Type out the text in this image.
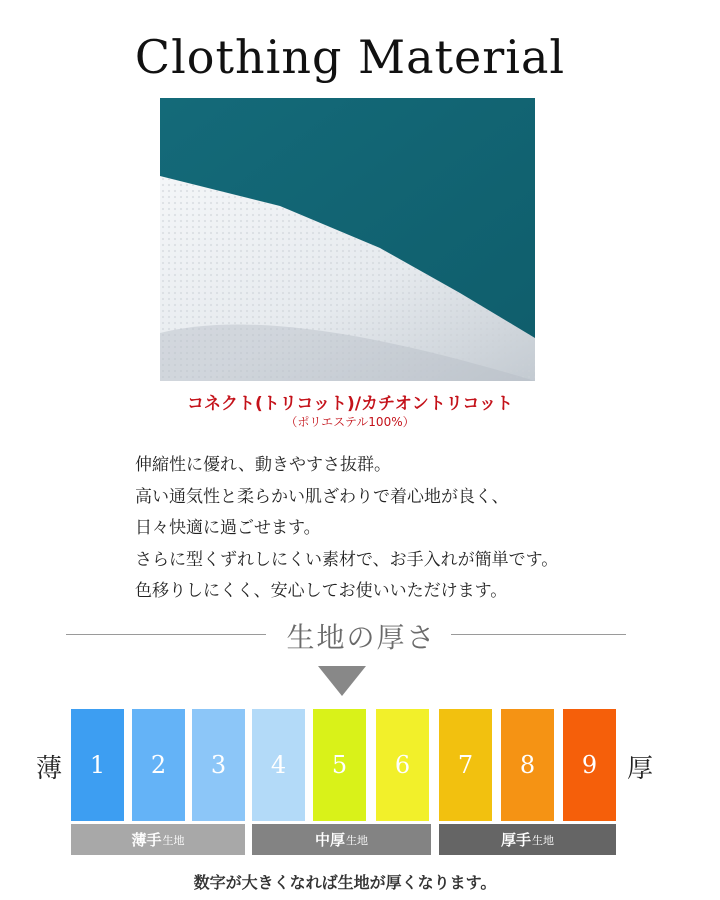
Clothing Material
コネクト(トリコット)/カチオントリコット
（ポリエステル100%）
伸縮性に優れ、動きやすさ抜群。
高い通気性と柔らかい肌ざわりで着心地が良く、
日々快適に過ごせます。
さらに型くずれしにくい素材で、お手入れが簡単です。
色移りしにくく、安心してお使いいただけます。
生地の厚さ
薄	厚
1	2	3	4	5	6	7	8	9
薄手 生地	中厚 生地	厚手 生地
数字が大きくなれば生地が厚くなります。
